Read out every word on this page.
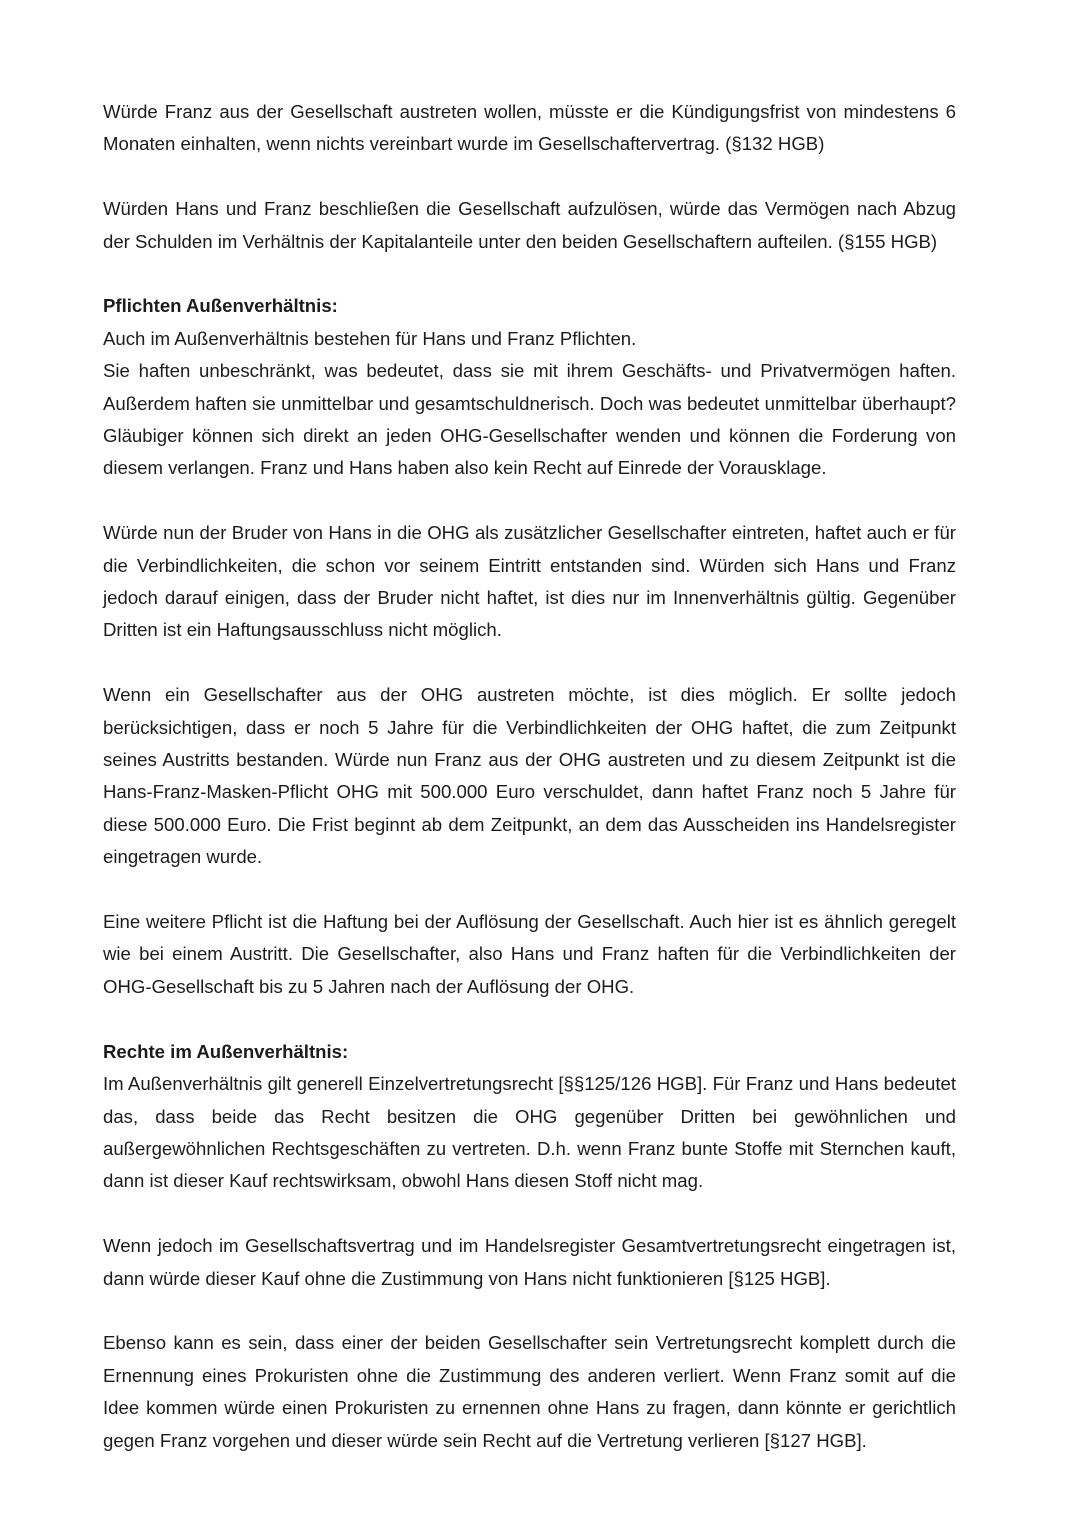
Würde Franz aus der Gesellschaft austreten wollen, müsste er die Kündigungsfrist von mindestens 6 Monaten einhalten, wenn nichts vereinbart wurde im Gesellschaftervertrag. (§132 HGB)

Würden Hans und Franz beschließen die Gesellschaft aufzulösen, würde das Vermögen nach Abzug der Schulden im Verhältnis der Kapitalanteile unter den beiden Gesellschaftern aufteilen. (§155 HGB)

Pflichten Außenverhältnis:

Auch im Außenverhältnis bestehen für Hans und Franz Pflichten.

Sie haften unbeschränkt, was bedeutet, dass sie mit ihrem Geschäfts- und Privatvermögen haften. Außerdem haften sie unmittelbar und gesamtschuldnerisch. Doch was bedeutet unmittelbar überhaupt? Gläubiger können sich direkt an jeden OHG-Gesellschafter wenden und können die Forderung von diesem verlangen. Franz und Hans haben also kein Recht auf Einrede der Vorausklage.

Würde nun der Bruder von Hans in die OHG als zusätzlicher Gesellschafter eintreten, haftet auch er für die Verbindlichkeiten, die schon vor seinem Eintritt entstanden sind. Würden sich Hans und Franz jedoch darauf einigen, dass der Bruder nicht haftet, ist dies nur im Innenverhältnis gültig. Gegenüber Dritten ist ein Haftungsausschluss nicht möglich.

Wenn ein Gesellschafter aus der OHG austreten möchte, ist dies möglich. Er sollte jedoch berücksichtigen, dass er noch 5 Jahre für die Verbindlichkeiten der OHG haftet, die zum Zeitpunkt seines Austritts bestanden. Würde nun Franz aus der OHG austreten und zu diesem Zeitpunkt ist die Hans-Franz-Masken-Pflicht OHG mit 500.000 Euro verschuldet, dann haftet Franz noch 5 Jahre für diese 500.000 Euro. Die Frist beginnt ab dem Zeitpunkt, an dem das Ausscheiden ins Handelsregister eingetragen wurde.

Eine weitere Pflicht ist die Haftung bei der Auflösung der Gesellschaft. Auch hier ist es ähnlich geregelt wie bei einem Austritt. Die Gesellschafter, also Hans und Franz haften für die Verbindlichkeiten der OHG-Gesellschaft bis zu 5 Jahren nach der Auflösung der OHG.

Rechte im Außenverhältnis:

Im Außenverhältnis gilt generell Einzelvertretungsrecht [§§125/126 HGB]. Für Franz und Hans bedeutet das, dass beide das Recht besitzen die OHG gegenüber Dritten bei gewöhnlichen und außergewöhnlichen Rechtsgeschäften zu vertreten. D.h. wenn Franz bunte Stoffe mit Sternchen kauft, dann ist dieser Kauf rechtswirksam, obwohl Hans diesen Stoff nicht mag.

Wenn jedoch im Gesellschaftsvertrag und im Handelsregister Gesamtvertretungsrecht eingetragen ist, dann würde dieser Kauf ohne die Zustimmung von Hans nicht funktionieren [§125 HGB].

Ebenso kann es sein, dass einer der beiden Gesellschafter sein Vertretungsrecht komplett durch die Ernennung eines Prokuristen ohne die Zustimmung des anderen verliert. Wenn Franz somit auf die Idee kommen würde einen Prokuristen zu ernennen ohne Hans zu fragen, dann könnte er gerichtlich gegen Franz vorgehen und dieser würde sein Recht auf die Vertretung verlieren [§127 HGB].
